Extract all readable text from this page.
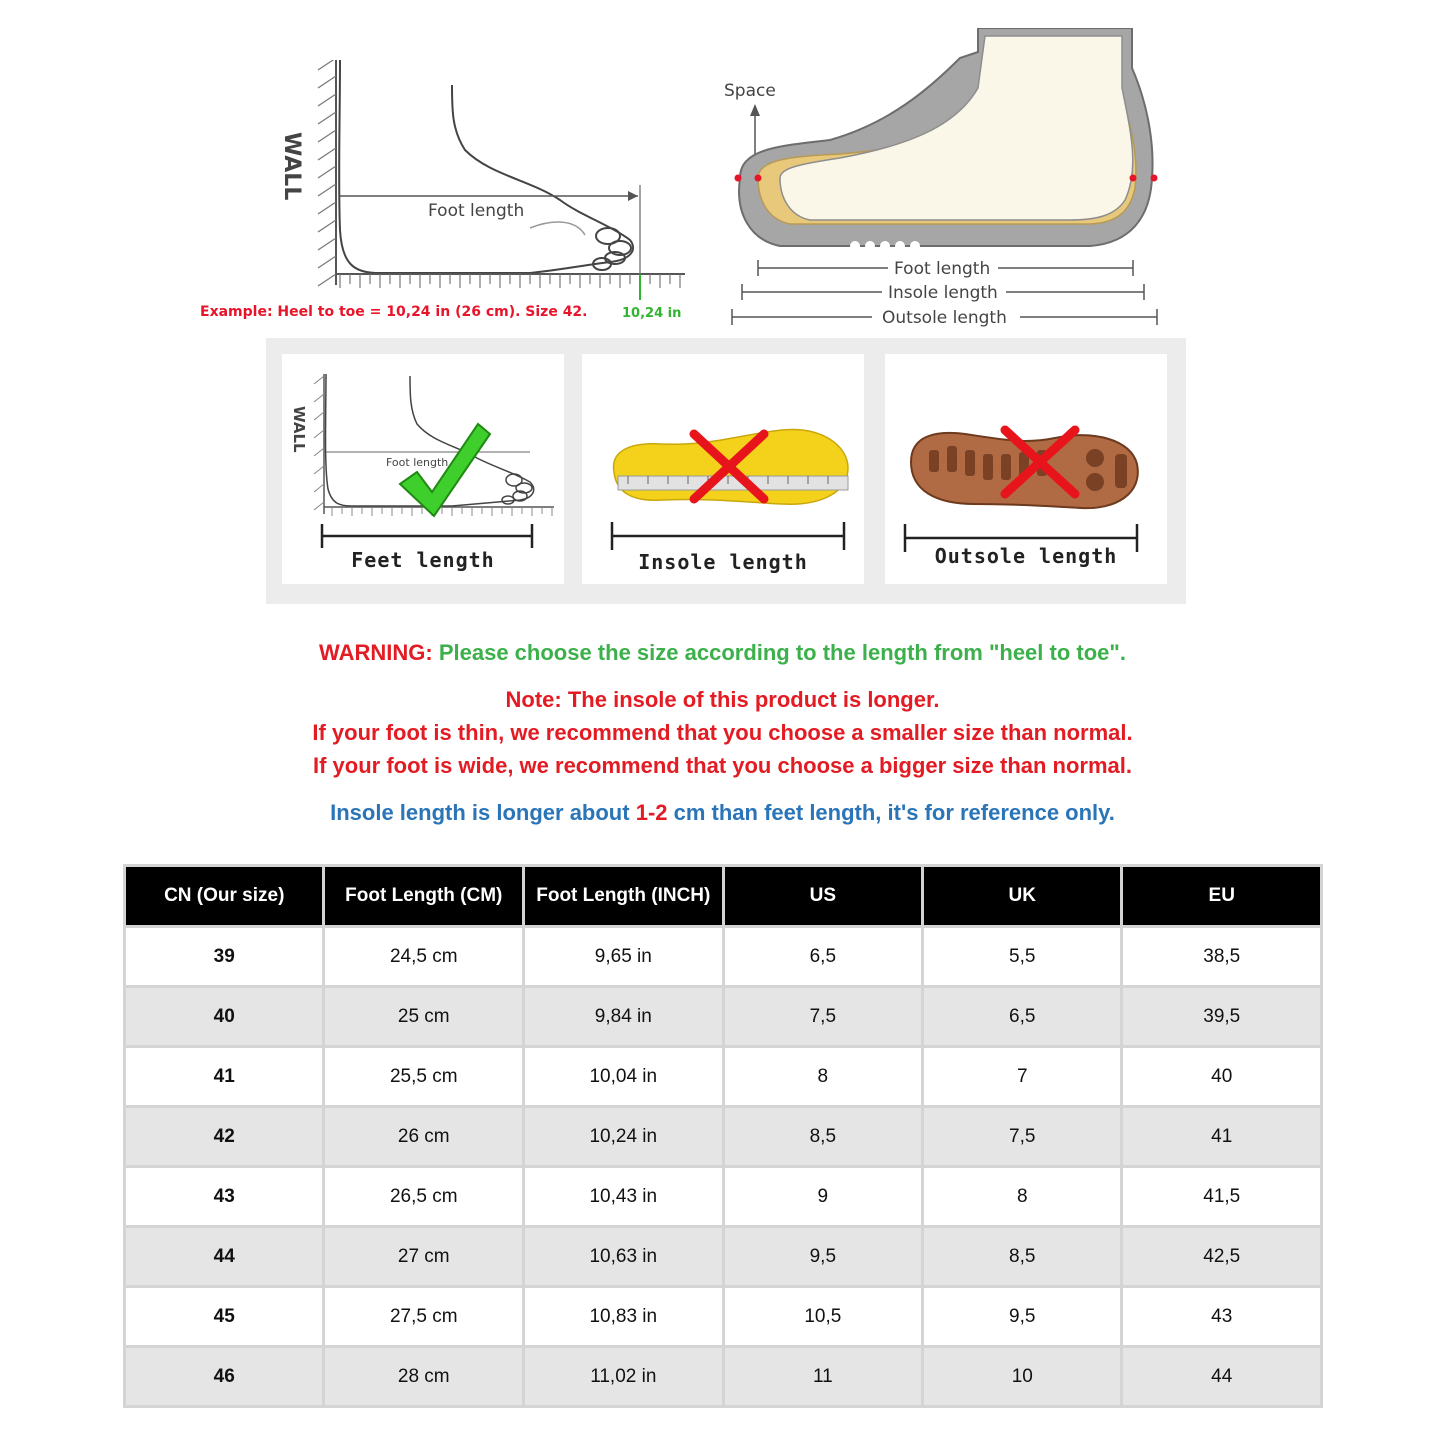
WALL
Foot length
Example: Heel to toe = 10,24 in (26 cm). Size 42.	10,24 in
Space
Foot length
Insole length
Outsole length
WALL
Foot length
Feet length	Insole length	Outsole length
WARNING: Please choose the size according to the length from "heel to toe".
Note: The insole of this product is longer.
If your foot is thin, we recommend that you choose a smaller size than normal.
If your foot is wide, we recommend that you choose a bigger size than normal.
Insole length is longer about 1-2 cm than feet length, it's for reference only.
CN (Our size)	Foot Length (CM)	Foot Length (INCH)	US	UK	EU
39	24,5 cm	9,65 in	6,5	5,5	38,5
40	25 cm	9,84 in	7,5	6,5	39,5
41	25,5 cm	10,04 in	8	7	40
42	26 cm	10,24 in	8,5	7,5	41
43	26,5 cm	10,43 in	9	8	41,5
44	27 cm	10,63 in	9,5	8,5	42,5
45	27,5 cm	10,83 in	10,5	9,5	43
46	28 cm	11,02 in	11	10	44
